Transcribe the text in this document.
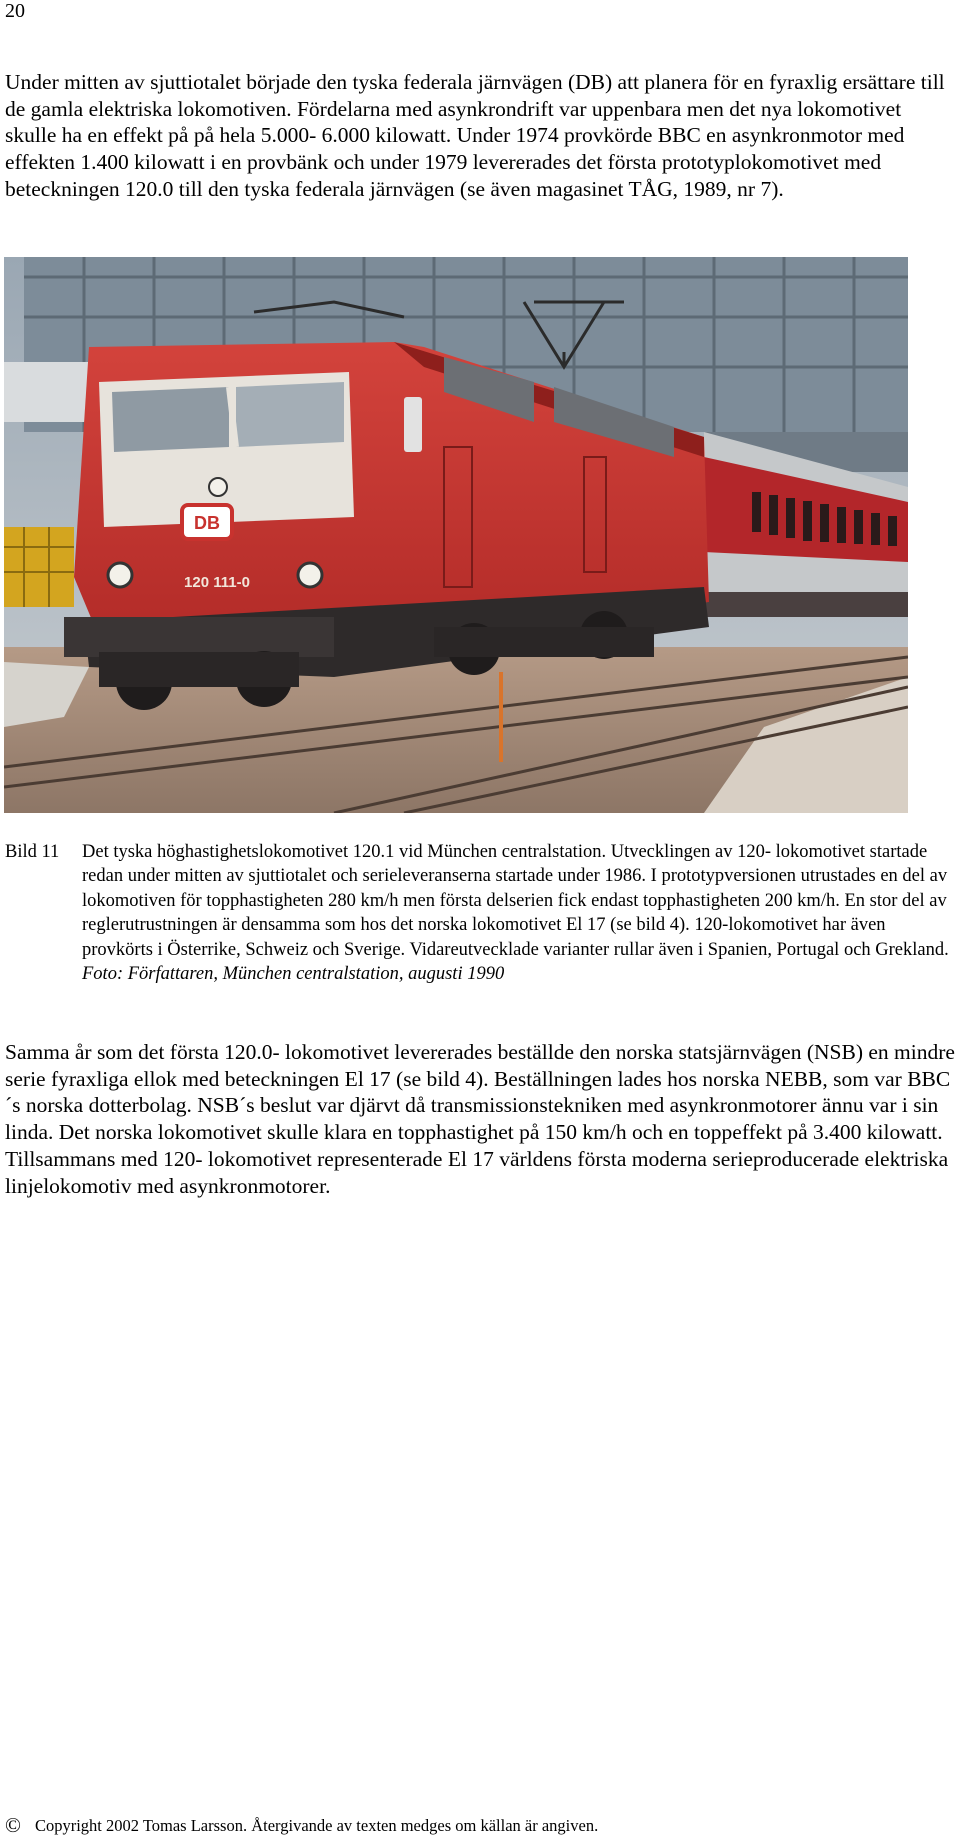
20

Under mitten av sjuttiotalet började den tyska federala järnvägen (DB) att planera för en fyraxlig ersättare till de gamla elektriska lokomotiven. Fördelarna med asynkrondrift var uppenbara men det nya lokomotivet skulle ha en effekt på på hela 5.000- 6.000 kilowatt. Under 1974 provkörde BBC en asynkronmotor med effekten 1.400 kilowatt i en provbänk och under 1979 levererades det första prototyplokomotivet med beteckningen 120.0 till den tyska federala järnvägen (se även magasinet TÅG, 1989, nr 7).

DB
120 111-0
Bild 11 Det tyska höghastighetslokomotivet 120.1 vid München centralstation. Utvecklingen av 120- lokomotivet startade redan under mitten av sjuttiotalet och serieleveranserna startade under 1986. I prototypversionen utrustades en del av lokomotiven för topphastigheten 280 km/h men första delserien fick endast topphastigheten 200 km/h. En stor del av reglerutrustningen är densamma som hos det norska lokomotivet El 17 (se bild 4). 120-lokomotivet har även provkörts i Österrike, Schweiz och Sverige. Vidareutvecklade varianter rullar även i Spanien, Portugal och Grekland.
Foto: Författaren, München centralstation, augusti 1990

Samma år som det första 120.0- lokomotivet levererades beställde den norska statsjärnvägen (NSB) en mindre serie fyraxliga ellok med beteckningen El 17 (se bild 4). Beställningen lades hos norska NEBB, som var BBC´s norska dotterbolag. NSB´s beslut var djärvt då transmissionstekniken med asynkronmotorer ännu var i sin linda. Det norska lokomotivet skulle klara en topphastighet på 150 km/h och en toppeffekt på 3.400 kilowatt. Tillsammans med 120- lokomotivet representerade El 17 världens första moderna serieproducerade elektriska linjelokomotiv med asynkronmotorer.

© Copyright 2002 Tomas Larsson. Återgivande av texten medges om källan är angiven.
